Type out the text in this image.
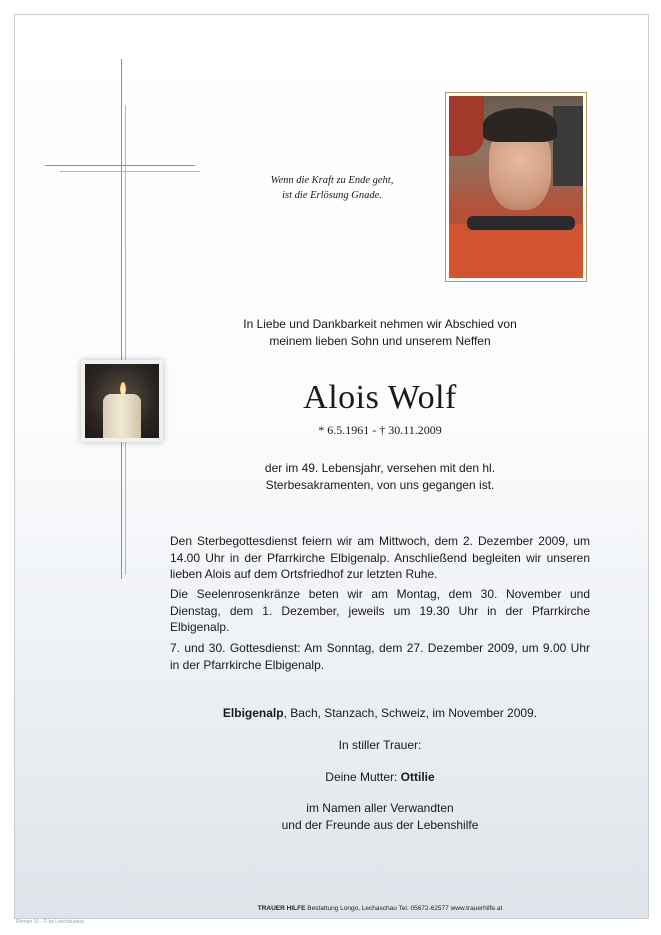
Wenn die Kraft zu Ende geht,
ist die Erlösung Gnade.
In Liebe und Dankbarkeit nehmen wir Abschied von
meinem lieben Sohn und unserem Neffen
Alois Wolf
* 6.5.1961 - † 30.11.2009
der im 49. Lebensjahr, versehen mit den hl.
Sterbesakramenten, von uns gegangen ist.
Den Sterbegottesdienst feiern wir am Mittwoch, dem 2. Dezember 2009, um 14.00 Uhr in der Pfarrkirche Elbigenalp. Anschließend begleiten wir unseren lieben Alois auf dem Ortsfriedhof zur letzten Ruhe.
Die Seelenrosenkränze beten wir am Montag, dem 30. November und Dienstag, dem 1. Dezember, jeweils um 19.30 Uhr in der Pfarrkirche Elbigenalp.
7. und 30. Gottesdienst: Am Sonntag, dem 27. Dezember 2009, um 9.00 Uhr in der Pfarrkirche Elbigenalp.
Elbigenalp, Bach, Stanzach, Schweiz, im November 2009.
In stiller Trauer:
Deine Mutter: Ottilie
im Namen aller Verwandten
und der Freunde aus der Lebenshilfe
TRAUER HILFE Bestattung Longo, Lechaschau Tel. 05672-62577 www.trauerhilfe.at
Roman 10 - © by Löschkuebra
